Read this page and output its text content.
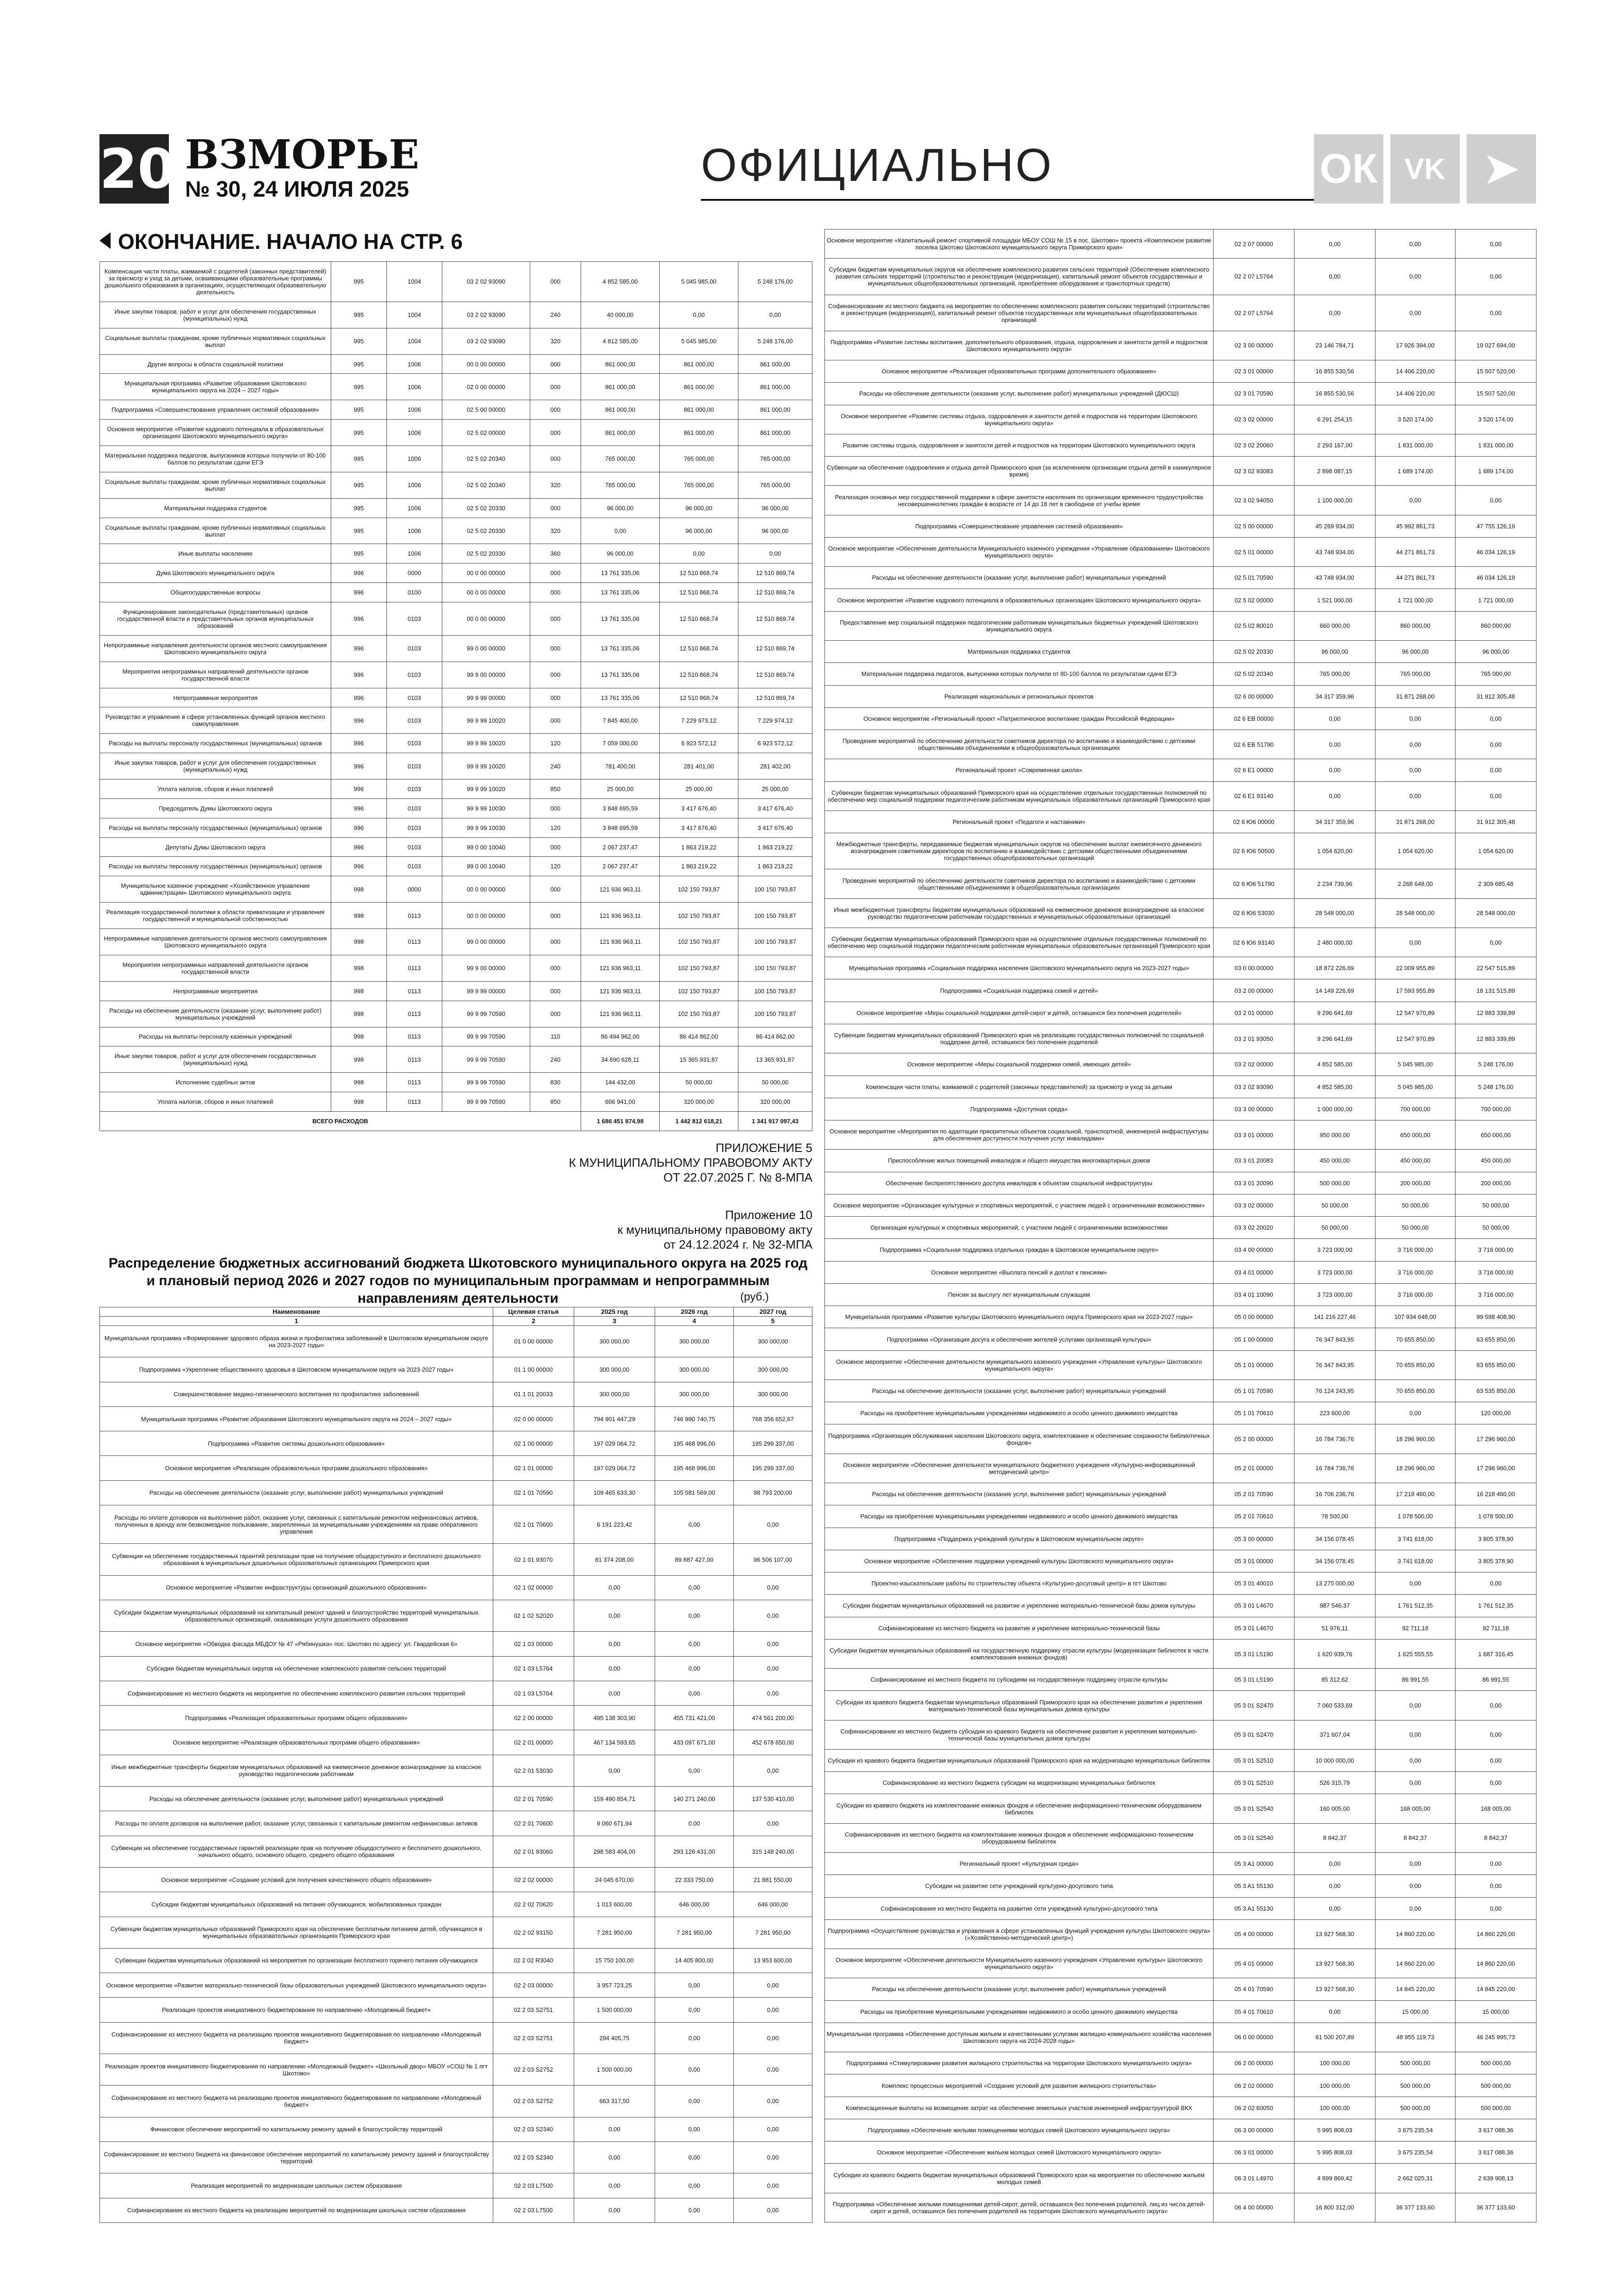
20 ВЗМОРЬЕ
№ 30, 24 ИЮЛЯ 2025	ОФИЦИАЛЬНО	ОК VK ➤
ОКОНЧАНИЕ. НАЧАЛО НА СТР. 6
Компенсация части платы, взимаемой с родителей (законных представителей) за присмотр и уход за детьми, осваивающими образовательные программы дошкольного образования в организациях, осуществляющих образовательную деятельность	995	1004	03 2 02 93090	000	4 852 585,00	5 045 985,00	5 248 176,00
Иные закупки товаров, работ и услуг для обеспечения государственных (муниципальных) нужд	995	1004	03 2 02 93090	240	40 000,00	0,00	0,00
Социальные выплаты гражданам, кроме публичных нормативных социальных выплат	995	1004	03 2 02 93090	320	4 812 585,00	5 045 985,00	5 248 176,00
Другие вопросы в области социальной политики	995	1006	00 0 00 00000	000	861 000,00	861 000,00	861 000,00
Муниципальная программа «Развитие образования Шкотовского муниципального округа на 2024 – 2027 годы»	995	1006	02 0 00 00000	000	861 000,00	861 000,00	861 000,00
Подпрограмма «Совершенствование управления системой образования»	995	1006	02 5 00 00000	000	861 000,00	861 000,00	861 000,00
Основное мероприятие «Развитие кадрового потенциала в образовательных организациях Шкотовского муниципального округа»	995	1006	02 5 02 00000	000	861 000,00	861 000,00	861 000,00
Материальная поддержка педагогов, выпускников которых получили от 80-100 баллов по результатам сдачи ЕГЭ	995	1006	02 5 02 20340	000	765 000,00	765 000,00	765 000,00
Социальные выплаты гражданам, кроме публичных нормативных социальных выплат	995	1006	02 5 02 20340	320	765 000,00	765 000,00	765 000,00
Материальная поддержка студентов	995	1006	02 5 02 20330	000	96 000,00	96 000,00	96 000,00
Социальные выплаты гражданам, кроме публичных нормативных социальных выплат	995	1006	02 5 02 20330	320	0,00	96 000,00	96 000,00
Иные выплаты населению	995	1006	02 5 02 20330	360	96 000,00	0,00	0,00
Дума Шкотовского муниципального округа	996	0000	00 0 00 00000	000	13 761 335,06	12 510 868,74	12 510 869,74
Общегосударственные вопросы	996	0100	00 0 00 00000	000	13 761 335,06	12 510 868,74	12 510 869,74
Функционирование законодательных (представительных) органов государственной власти и представительных органов муниципальных образований	996	0103	00 0 00 00000	000	13 761 335,06	12 510 868,74	12 510 869,74
Непрограммные направления деятельности органов местного самоуправления Шкотовского муниципального округа	996	0103	99 0 00 00000	000	13 761 335,06	12 510 868,74	12 510 869,74
Мероприятия непрограммных направлений деятельности органов государственной власти	996	0103	99 9 00 00000	000	13 761 335,06	12 510 868,74	12 510 869,74
Непрограммные мероприятия	996	0103	99 9 99 00000	000	13 761 335,06	12 510 868,74	12 510 869,74
Руководство и управление в сфере установленных функций органов местного самоуправления	996	0103	99 9 99 10020	000	7 845 400,00	7 229 973,12	7 229 974,12
Расходы на выплаты персоналу государственных (муниципальных) органов	996	0103	99 9 99 10020	120	7 059 000,00	6 923 572,12	6 923 572,12
Иные закупки товаров, работ и услуг для обеспечения государственных (муниципальных) нужд	996	0103	99 9 99 10020	240	781 400,00	281 401,00	281 402,00
Уплата налогов, сборов и иных платежей	996	0103	99 9 99 10020	850	25 000,00	25 000,00	25 000,00
Председатель Думы Шкотовского округа	996	0103	99 9 99 10030	000	3 848 695,59	3 417 676,40	3 417 676,40
Расходы на выплаты персоналу государственных (муниципальных) органов	996	0103	99 9 99 10030	120	3 848 695,59	3 417 676,40	3 417 676,40
Депутаты Думы Шкотовского округа	996	0103	99 0 00 10040	000	2 067 237,47	1 863 219,22	1 863 219,22
Расходы на выплаты персоналу государственных (муниципальных) органов	996	0103	99 0 00 10040	120	2 067 237,47	1 863 219,22	1 863 219,22
Муниципальное казенное учреждение «Хозяйственное управление администрации» Шкотовского муниципального округа	998	0000	00 0 00 00000	000	121 936 963,11	102 150 793,87	100 150 793,87
Реализация государственной политики в области приватизации и управления государственной и муниципальной собственностью	998	0113	00 0 00 00000	000	121 936 963,11	102 150 793,87	100 150 793,87
Непрограммные направления деятельности органов местного самоуправления Шкотовского муниципального округа	998	0113	99 0 00 00000	000	121 936 963,11	102 150 793,87	100 150 793,87
Мероприятия непрограммных направлений деятельности органов государственной власти	998	0113	99 9 00 00000	000	121 936 963,11	102 150 793,87	100 150 793,87
Непрограммные мероприятия	998	0113	99 9 99 00000	000	121 936 963,11	102 150 793,87	100 150 793,87
Расходы на обеспечение деятельности (оказание услуг, выполнение работ) муниципальных учреждений	998	0113	99 9 99 70590	000	121 936 963,11	102 150 793,87	100 150 793,87
Расходы на выплаты персоналу казенных учреждений	998	0113	99 9 99 70590	110	86 494 962,00	86 414 862,00	86 414 862,00
Иные закупки товаров, работ и услуг для обеспечения государственных (муниципальных) нужд	998	0113	99 9 99 70590	240	34 690 628,11	15 365 931,87	13 365 931,87
Исполнение судебных актов	998	0113	99 9 99 70590	830	144 432,00	50 000,00	50 000,00
Уплата налогов, сборов и иных платежей	998	0113	99 9 99 70590	850	606 941,00	320 000,00	320 000,00
ВСЕГО РАСХОДОВ					1 686 451 874,98	1 442 812 618,21	1 341 917 097,43
ПРИЛОЖЕНИЕ 5
К МУНИЦИПАЛЬНОМУ ПРАВОВОМУ АКТУ
ОТ 22.07.2025 Г. № 8-МПА
Приложение 10
к муниципальному правовому акту
от 24.12.2024 г. № 32-МПА
Распределение бюджетных ассигнований бюджета Шкотовского муниципального округа на 2025 год и плановый период 2026 и 2027 годов по муниципальным программам и непрограммным направлениям деятельности	(руб.)
Наименование	Целевая статья	2025 год	2026 год	2027 год
1	2	3	4	5
Муниципальная программа «Формирование здорового образа жизни и профилактика заболеваний в Шкотовском муниципальном округе на 2023-2027 годы»	01 0 00 00000	300 000,00	300 000,00	300 000,00
Подпрограмма «Укрепление общественного здоровья в Шкотовском муниципальном округе на 2023-2027 годы»	01 1 00 00000	300 000,00	300 000,00	300 000,00
Совершенствование медико-гигиенического воспитания по профилактике заболеваний	01 1 01 20033	300 000,00	300 000,00	300 000,00
Муниципальная программа «Развитие образования Шкотовского муниципального округа на 2024 – 2027 годы»	02 0 00 00000	794 901 447,29	746 990 740,75	768 356 652,67
Подпрограмма «Развитие системы дошкольного образования»	02 1 00 00000	197 029 064,72	195 468 996,00	195 299 337,00
Основное мероприятие «Реализация образовательных программ дошкольного образования»	02 1 01 00000	197 029 064,72	195 468 996,00	195 299 337,00
Расходы на обеспечение деятельности (оказание услуг, выполнение работ) муниципальных учреждений	02 1 01 70590	109 465 633,30	105 581 569,00	98 793 200,00
Расходы по оплате договоров на выполнение работ, оказание услуг, связанных с капитальным ремонтом нефинансовых активов, полученных в аренду или безвозмездное пользование, закрепленных за муниципальными учреждениями на праве оперативного управления	02 1 01 70600	6 191 223,42	0,00	0,00
Субвенции на обеспечение государственных гарантий реализации прав на получение общедоступного и бесплатного дошкольного образования в муниципальных дошкольных образовательных организациях Приморского края	02 1 01 93070	81 374 208,00	89 887 427,00	96 506 107,00
Основное мероприятие «Развитие инфраструктуры организаций дошкольного образования»	02 1 02 00000	0,00	0,00	0,00
Субсидии бюджетам муниципальных образований на капитальный ремонт зданий и благоустройство территорий муниципальных образовательных организаций, оказывающих услуги дошкольного образования	02 1 02 S2020	0,00	0,00	0,00
Основное мероприятие «Обводка фасада МБДОУ № 47 «Рябинушка» пос. Шкотово по адресу: ул. Гвардейская 6»	02 1 03 00000	0,00	0,00	0,00
Субсидии бюджетам муниципальных округов на обеспечение комплексного развития сельских территорий	02 1 03 L5764	0,00	0,00	0,00
Софинансирование из местного бюджета на мероприятие по обеспечению комплексного развития сельских территорий	02 1 03 L5764	0,00	0,00	0,00
Подпрограмма «Реализация образовательных программ общего образования»	02 2 00 00000	495 138 303,90	455 731 421,00	474 561 200,00
Основное мероприятие «Реализация образовательных программ общего образования»	02 2 01 00000	467 134 593,65	433 097 671,00	452 678 650,00
Иные межбюджетные трансферты бюджетам муниципальных образований на ежемесячное денежное вознаграждение за классное руководство педагогическим работникам	02 2 01 53030	0,00	0,00	0,00
Расходы на обеспечение деятельности (оказание услуг, выполнение работ) муниципальных учреждений	02 2 01 70590	159 490 854,71	140 271 240,00	137 530 410,00
Расходы по оплате договоров на выполнение работ, оказание услуг, связанных с капитальным ремонтом нефинансовых активов	02 2 01 70600	9 060 671,94	0,00	0,00
Субвенции на обеспечение государственных гарантий реализации прав на получение общедоступного и бесплатного дошкольного, начального общего, основного общего, среднего общего образования	02 2 01 93060	298 583 404,00	293 126 431,00	315 148 240,00
Основное мероприятие «Создание условий для получения качественного общего образования»	02 2 02 00000	24 045 670,00	22 333 750,00	21 881 550,00
Субсидии бюджетам муниципальных образований на питание обучающихся, мобилизованных граждан	02 2 02 70620	1 013 600,00	646 000,00	646 000,00
Субвенции бюджетам муниципальных образований Приморского края на обеспечение бесплатным питанием детей, обучающихся в муниципальных образовательных организациях Приморского края	02 2 02 93150	7 281 950,00	7 281 950,00	7 281 950,00
Субвенции бюджетам муниципальных образований на мероприятия по организации бесплатного горячего питания обучающихся	02 2 02 R3040	15 750 100,00	14 405 800,00	13 953 600,00
Основное мероприятие «Развитие материально-технической базы образовательных учреждений Шкотовского муниципального округа»	02 2 03 00000	3 957 723,25	0,00	0,00
Реализация проектов инициативного бюджетирования по направлению «Молодежный бюджет»	02 2 03 S2751	1 500 000,00	0,00	0,00
Софинансирование из местного бюджета на реализацию проектов инициативного бюджетирования по направлению «Молодежный бюджет»	02 2 03 S2751	294 405,75	0,00	0,00
Реализация проектов инициативного бюджетирования по направлению «Молодежный бюджет» «Школьный двор» МБОУ «СОШ № 1 пгт Шкотово»	02 2 03 S2752	1 500 000,00	0,00	0,00
Софинансирование из местного бюджета на реализацию проектов инициативного бюджетирования по направлению «Молодежный бюджет»	02 2 03 S2752	663 317,50	0,00	0,00
Финансовое обеспечение мероприятий по капитальному ремонту зданий в благоустройству территорий	02 2 03 S2340	0,00	0,00	0,00
Софинансирование из местного бюджета на финансовое обеспечение мероприятий по капитальному ремонту зданий и благоустройству территорий	02 2 03 S2340	0,00	0,00	0,00
Реализация мероприятий по модернизации школьных систем образования	02 2 03 L7500	0,00	0,00	0,00
Софинансирование из местного бюджета на реализацию мероприятий по модернизации школьных систем образования	02 2 03 L7500	0,00	0,00	0,00
Основное мероприятие «Капитальный ремонт спортивной площадки МБОУ СОШ № 15 в пос. Шкотово» проекта «Комплексное развитие поселка Шкотово Шкотовского муниципального округа Приморского края»	02 2 07 00000	0,00	0,00	0,00
Субсидии бюджетам муниципальных округов на обеспечение комплексного развития сельских территорий (Обеспечение комплексного развития сельских территорий (строительство и реконструкция (модернизация), капитальный ремонт объектов государственных и муниципальных общеобразовательных организаций, приобретение оборудования и транспортных средств)	02 2 07 L5764	0,00	0,00	0,00
Софинансирование из местного бюджета на мероприятие по обеспечению комплексного развития сельских территорий (строительство и реконструкция (модернизация)), капитальный ремонт объектов государственных или муниципальных общеобразовательных организаций	02 2 07 L5764	0,00	0,00	0,00
Подпрограмма «Развитие системы воспитания, дополнительного образования, отдыха, оздоровления и занятости детей и подростков Шкотовского муниципального округа»	02 3 00 00000	23 146 784,71	17 926 394,00	19 027 694,00
Основное мероприятие «Реализация образовательных программ дополнительного образования»	02 3 01 00000	16 855 530,56	14 406 220,00	15 507 520,00
Расходы на обеспечение деятельности (оказание услуг, выполнение работ) муниципальных учреждений (ДЮСШ)	02 3 01 70590	16 855 530,56	14 406 220,00	15 507 520,00
Основное мероприятие «Развитие системы отдыха, оздоровления и занятости детей и подростков на территории Шкотовского муниципального округа»	02 3 02 00000	6 291 254,15	3 520 174,00	3 520 174,00
Развитие системы отдыха, оздоровления и занятости детей и подростков на территории Шкотовского муниципального округа	02 3 02 20060	2 293 167,00	1 831 000,00	1 831 000,00
Субвенции на обеспечение оздоровления и отдыха детей Приморского края (за исключением организации отдыха детей в каникулярное время)	02 3 02 93083	2 898 087,15	1 689 174,00	1 689 174,00
Реализация основных мер государственной поддержки в сфере занятости населения по организации временного трудоустройства несовершеннолетних граждан в возрасте от 14 до 18 лет в свободное от учебы время	02 3 02 94050	1 100 000,00	0,00	0,00
Подпрограмма «Совершенствование управления системой образования»	02 5 00 00000	45 269 934,00	45 992 861,73	47 755 126,19
Основное мероприятие «Обеспечение деятельности Муниципального казенного учреждения «Управление образованием» Шкотовского муниципального округа»	02 5 01 00000	43 748 934,00	44 271 861,73	46 034 126,19
Расходы на обеспечение деятельности (оказание услуг, выполнение работ) муниципальных учреждений	02 5 01 70590	43 748 934,00	44 271 861,73	46 034 126,19
Основное мероприятие «Развитие кадрового потенциала в образовательных организациях Шкотовского муниципального округа»	02 5 02 00000	1 521 000,00	1 721 000,00	1 721 000,00
Предоставление мер социальной поддержки педагогическим работникам муниципальных бюджетных учреждений Шкотовского муниципального округа	02 5 02 80010	660 000,00	860 000,00	860 000,00
Материальная поддержка студентов	02 5 02 20330	96 000,00	96 000,00	96 000,00
Материальная поддержка педагогов, выпускники которых получили от 80-100 баллов по результатам сдачи ЕГЭ	02 5 02 20340	765 000,00	765 000,00	765 000,00
Реализация национальных и региональных проектов	02 6 00 00000	34 317 359,96	31 871 268,00	31 912 305,48
Основное мероприятие «Региональный проект «Патриотическое воспитание граждан Российской Федерации»	02 6 EВ 00000	0,00	0,00	0,00
Проведение мероприятий по обеспечению деятельности советников директора по воспитанию и взаимодействию с детскими общественными объединениями в общеобразовательных организациях	02 6 EВ 51790	0,00	0,00	0,00
Региональный проект «Современная школа»	02 6 E1 00000	0,00	0,00	0,00
Субвенции бюджетам муниципальных образований Приморского края на осуществление отдельных государственных полномочий по обеспечению мер социальной поддержки педагогическим работникам муниципальных образовательных организаций Приморского края	02 6 E1 93140	0,00	0,00	0,00
Региональный проект «Педагоги и наставники»	02 6 Ю6 00000	34 317 359,96	31 871 268,00	31 912 305,48
Межбюджетные трансферты, передаваемые бюджетам муниципальных округов на обеспечение выплат ежемесячного денежного вознаграждения советникам директоров по воспитанию и взаимодействию с детскими общественными объединениями государственных общеобразовательных организаций	02 6 Ю6 50500	1 054 620,00	1 054 620,00	1 054 620,00
Проведение мероприятий по обеспечению деятельности советников директора по воспитанию и взаимодействию с детскими общественными объединениями в общеобразовательных организациях	02 6 Ю6 51790	2 234 739,96	2 268 648,00	2 309 685,48
Иные межбюджетные трансферты бюджетам муниципальных образований на ежемесячное денежное вознаграждение за классное руководство педагогическим работникам государственных и муниципальных образовательных организаций	02 6 Ю6 53030	28 548 000,00	28 548 000,00	28 548 000,00
Субвенции бюджетам муниципальных образований Приморского края на осуществление отдельных государственных полномочий по обеспечению мер социальной поддержки педагогическим работникам муниципальных образовательных организаций Приморского края	02 6 Ю6 93140	2 480 000,00	0,00	0,00
Муниципальная программа «Социальная поддержка населения Шкотовского муниципального округа на 2023-2027 годы»	03 0 00 00000	18 872 226,69	22 009 955,89	22 547 515,89
Подпрограмма «Социальная поддержка семей и детей»	03 2 00 00000	14 149 226,69	17 593 955,89	18 131 515,89
Основное мероприятие «Меры социальной поддержки детей-сирот и детей, оставшихся без попечения родителей»	03 2 01 00000	9 296 641,69	12 547 970,89	12 883 339,89
Субвенции бюджетам муниципальных образований Приморского края на реализацию государственных полномочий по социальной поддержке детей, оставшихся без попечения родителей	03 2 01 93050	9 296 641,69	12 547 970,89	12 883 339,89
Основное мероприятие «Меры социальной поддержки семей, имеющих детей»	03 2 02 00000	4 852 585,00	5 045 985,00	5 248 176,00
Компенсация части платы, взимаемой с родителей (законных представителей) за присмотр и уход за детьми	03 2 02 93090	4 852 585,00	5 045 985,00	5 248 176,00
Подпрограмма «Доступная среда»	03 3 00 00000	1 000 000,00	700 000,00	700 000,00
Основное мероприятие «Мероприятия по адаптации приоритетных объектов социальной, транспортной, инженерной инфраструктуры для обеспечения доступности получения услуг инвалидами»	03 3 01 00000	950 000,00	650 000,00	650 000,00
Приспособление жилых помещений инвалидов и общего имущества многоквартирных домов	03 3 01 20083	450 000,00	450 000,00	450 000,00
Обеспечение беспрепятственного доступа инвалидов к объектам социальной инфраструктуры	03 3 01 20090	500 000,00	200 000,00	200 000,00
Основное мероприятие «Организация культурных и спортивных мероприятий, с участием людей с ограниченными возможностями»	03 3 02 00000	50 000,00	50 000,00	50 000,00
Организация культурных и спортивных мероприятий, с участием людей с ограниченными возможностями	03 3 02 20020	50 000,00	50 000,00	50 000,00
Подпрограмма «Социальная поддержка отдельных граждан в Шкотовском муниципальном округе»	03 4 00 00000	3 723 000,00	3 716 000,00	3 716 000,00
Основное мероприятие «Выплата пенсий и доплат к пенсиям»	03 4 01 00000	3 723 000,00	3 716 000,00	3 716 000,00
Пенсии за выслугу лет муниципальным служащим	03 4 01 10090	3 723 000,00	3 716 000,00	3 716 000,00
Муниципальная программа «Развитие культуры Шкотовского муниципального округа Приморского края на 2023-2027 годы»	05 0 00 00000	141 216 227,46	107 934 648,00	99 598 408,90
Подпрограмма «Организация досуга и обеспечение жителей услугами организаций культуры»	05 1 00 00000	76 347 843,95	70 655 850,00	63 655 850,00
Основное мероприятие «Обеспечение деятельности муниципального казенного учреждения «Управление культуры» Шкотовского муниципального округа»	05 1 01 00000	76 347 843,95	70 655 850,00	63 655 850,00
Расходы на обеспечение деятельности (оказание услуг, выполнение работ) муниципальных учреждений	05 1 01 70590	76 124 243,95	70 655 850,00	63 535 850,00
Расходы на приобретение муниципальными учреждениями недвижимого и особо ценного движимого имущества	05 1 01 70610	223 600,00	0,00	120 000,00
Подпрограмма «Организация обслуживания населения Шкотовского округа, комплектование и обеспечение сохранности библиотечных фондов»	05 2 00 00000	16 784 736,76	18 296 960,00	17 296 960,00
Основное мероприятие «Обеспечение деятельности муниципального бюджетного учреждения «Культурно-информационный методический центр»	05 2 01 00000	16 784 736,76	18 296 960,00	17 296 960,00
Расходы на обеспечение деятельности (оказание услуг, выполнение работ) муниципальных учреждений	05 2 01 70590	16 706 236,76	17 218 460,00	16 218 460,00
Расходы на приобретение муниципальными учреждениями недвижимого и особо ценного движимого имущества	05 2 01 70610	78 500,00	1 078 500,00	1 078 500,00
Подпрограмма «Поддержка учреждений культуры в Шкотовском муниципальном округе»	05 3 00 00000	34 156 078,45	3 741 618,00	3 805 378,90
Основное мероприятие «Обеспечение поддержки учреждений культуры Шкотовского муниципального округа»	05 3 01 00000	34 156 078,45	3 741 618,00	3 805 378,90
Проектно-изыскательские работы по строительству объекта «Культурно-досуговый центр» в пгт Шкотово	05 3 01 40010	13 275 000,00	0,00	0,00
Субсидии бюджетам муниципальных образований на развитие и укрепление материально-технической базы домов культуры	05 3 01 L4670	987 546,37	1 761 512,35	1 761 512,35
Софинансирование из местного бюджета на развитие и укрепление материально-технической базы	05 3 01 L4670	51 976,11	92 711,18	92 711,18
Субсидии бюджетам муниципальных образований на государственную поддержку отрасли культуры (модернизация библиотек в части комплектования книжных фондов)	05 3 01 L5190	1 620 939,76	1 625 555,55	1 687 316,45
Софинансирование из местного бюджета по субсидиям на государственную поддержку отрасли культуры	05 3 01 L5190	85 312,62	86 991,55	86 991,55
Субсидии из краевого бюджета бюджетам муниципальных образований Приморского края на обеспечение развития и укрепления материально-технической базы муниципальных домов культуры	05 3 01 S2470	7 060 533,69	0,00	0,00
Софинансирование из местного бюджета субсидии из краевого бюджета на обеспечение развития и укрепления материально-технической базы муниципальных домов культуры	05 3 01 S2470	371 607,04	0,00	0,00
Субсидии из краевого бюджета бюджетам муниципальных образований Приморского края на модернизацию муниципальных библиотек	05 3 01 S2510	10 000 000,00	0,00	0,00
Софинансирование из местного бюджета субсидии на модернизацию муниципальных библиотек	05 3 01 S2510	526 315,79	0,00	0,00
Субсидии из краевого бюджета на комплектование книжных фондов и обеспечение информационно-техническим оборудованием библиотек	05 3 01 S2540	160 005,00	168 005,00	168 005,00
Софинансирование из местного бюджета на комплектование книжных фондов и обеспечение информационно-техническим оборудованием библиотек	05 3 01 S2540	8 842,37	8 842,37	8 842,37
Региональный проект «Культурная среда»	05 3 A1 00000	0,00	0,00	0,00
Субсидии на развитие сети учреждений культурно-досугового типа	05 3 A1 55130	0,00	0,00	0,00
Софинансирование из местного бюджета на развитие сети учреждений культурно-досугового типа	05 3 A1 55130	0,00	0,00	0,00
Подпрограмма «Осуществление руководства и управления в сфере установленных функций учреждения культуры Шкотовского округа» («Хозяйственно-методический центр»)	05 4 00 00000	13 927 568,30	14 860 220,00	14 860 220,00
Основное мероприятие «Обеспечение деятельности Муниципального казенного учреждения «Управление культуры» Шкотовского муниципального округа»	05 4 01 00000	13 927 568,30	14 860 220,00	14 860 220,00
Расходы на обеспечение деятельности (оказание услуг, выполнение работ) муниципальных учреждений	05 4 01 70590	13 927 568,30	14 845 220,00	14 845 220,00
Расходы на приобретение муниципальными учреждениями недвижимого и особо ценного движимого имущества	05 4 01 70610	0,00	15 000,00	15 000,00
Муниципальная программа «Обеспечение доступным жильем и качественными услугами жилищно-коммунального хозяйства населения Шкотовского округа на 2024-2028 годы»	06 0 00 00000	61 500 207,89	48 955 119,73	46 245 995,73
Подпрограмма «Стимулирование развития жилищного строительства на территории Шкотовского муниципального округа»	06 2 00 00000	100 000,00	500 000,00	500 000,00
Комплекс процессных мероприятий «Создание условий для развития жилищного строительства»	06 2 02 00000	100 000,00	500 000,00	500 000,00
Компенсационные выплаты на возмещение затрат на обеспечение земельных участков инженерной инфраструктурой ВКХ	06 2 02 60050	100 000,00	500 000,00	500 000,00
Подпрограмма «Обеспечение жилыми помещениями молодых семей Шкотовского муниципального округа»	06 3 00 00000	5 995 808,03	3 675 235,54	3 617 088,36
Основное мероприятие «Обеспечение жильем молодых семей Шкотовского муниципального округа»	06 3 01 00000	5 995 808,03	3 675 235,54	3 617 088,36
Субсидии из краевого бюджета бюджетам муниципальных образований Приморского края на мероприятия по обеспечению жильем молодых семей	06 3 01 L4970	4 899 869,42	2 662 025,31	2 639 908,13
Подпрограмма «Обеспечение жилыми помещениями детей-сирот, детей, оставшихся без попечения родителей, лиц из числа детей-сирот и детей, оставшихся без попечения родителей на территории Шкотовского муниципального округа»	06 4 00 00000	16 800 312,00	36 377 133,60	36 377 133,60
